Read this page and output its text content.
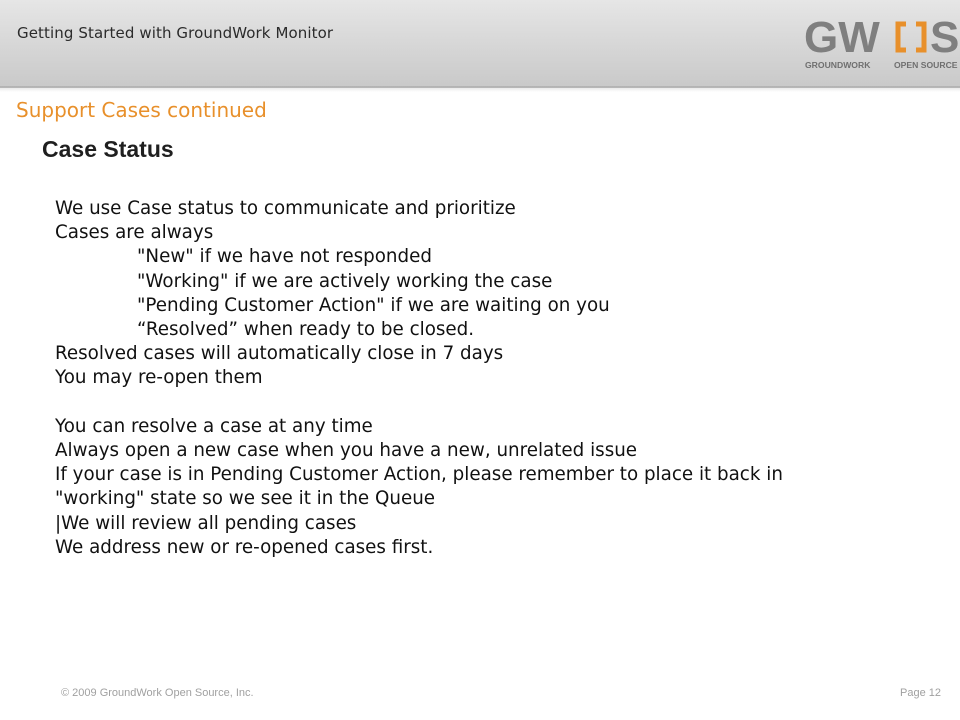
Getting Started with GroundWork Monitor	GW S
GROUNDWORK	OPEN SOURCE
Support Cases continued
Case Status
We use Case status to communicate and prioritize
Cases are always
"New" if we have not responded
"Working" if we are actively working the case
"Pending Customer Action" if we are waiting on you
“Resolved” when ready to be closed.
Resolved cases will automatically close in 7 days
You may re-open them
You can resolve a case at any time
Always open a new case when you have a new, unrelated issue
If your case is in Pending Customer Action, please remember to place it back in
"working" state so we see it in the Queue
|We will review all pending cases
We address new or re-opened cases first.
© 2009 GroundWork Open Source, Inc.	Page 12
